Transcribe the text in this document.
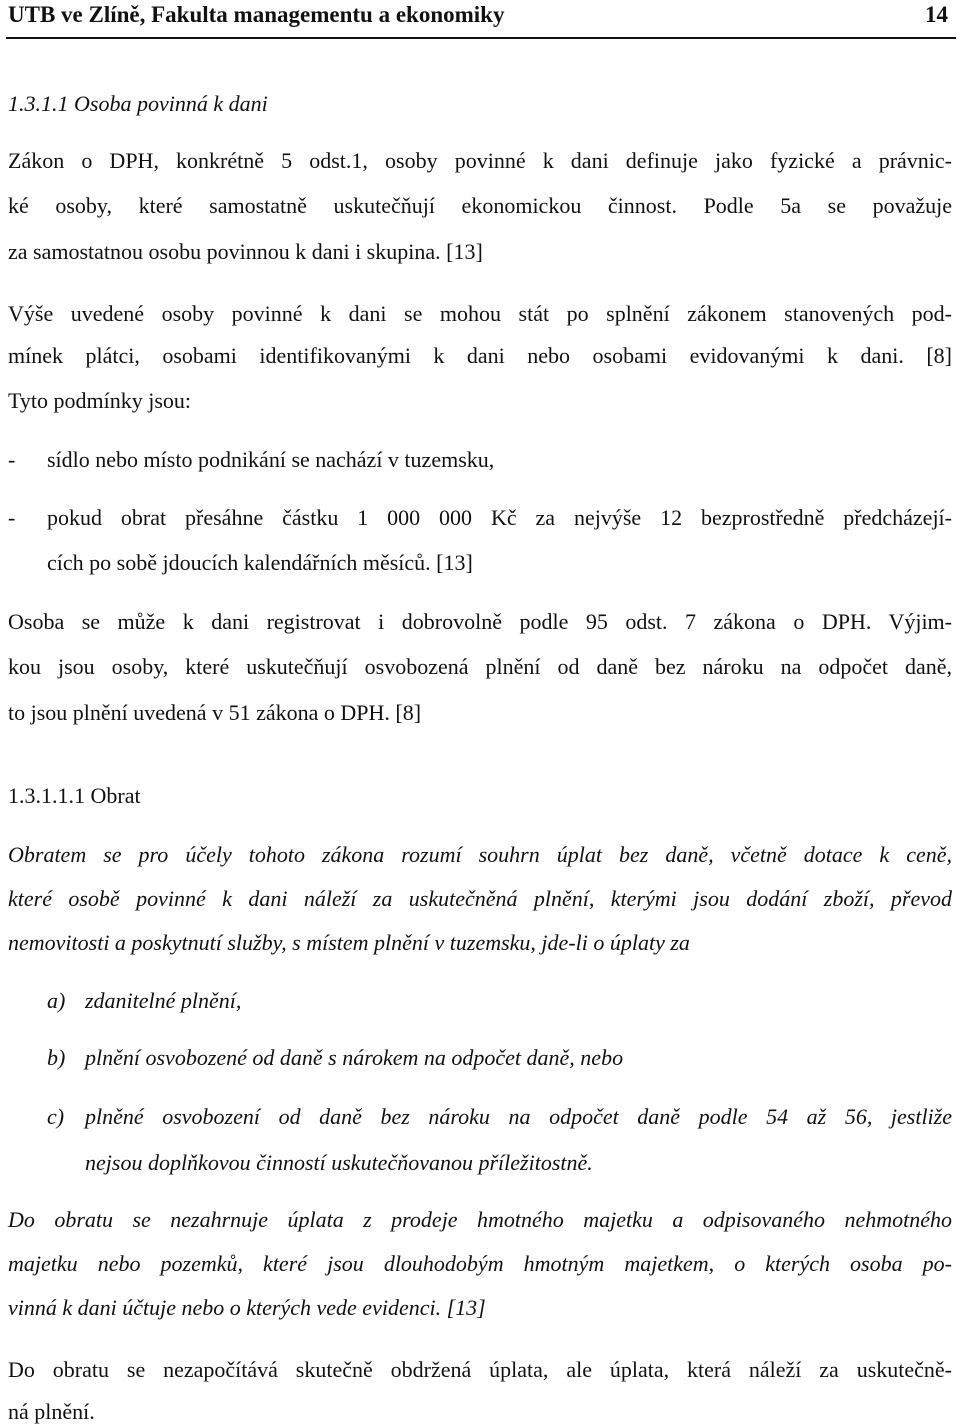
UTB ve Zlíně, Fakulta managementu a ekonomiky	14
1.3.1.1 Osoba povinná k dani
Zákon o DPH, konkrétně 5 odst.1, osoby povinné k dani definuje jako fyzické a právnic-
ké osoby, které samostatně uskutečňují ekonomickou činnost. Podle 5a se považuje
za samostatnou osobu povinnou k dani i skupina. [13]
Výše uvedené osoby povinné k dani se mohou stát po splnění zákonem stanovených pod-
mínek plátci, osobami identifikovanými k dani nebo osobami evidovanými k dani. [8]
Tyto podmínky jsou:
- sídlo nebo místo podnikání se nachází v tuzemsku,
- pokud obrat přesáhne částku 1 000 000 Kč za nejvýše 12 bezprostředně předcházejí-
cích po sobě jdoucích kalendářních měsíců. [13]
Osoba se může k dani registrovat i dobrovolně podle 95 odst. 7 zákona o DPH. Výjim-
kou jsou osoby, které uskutečňují osvobozená plnění od daně bez nároku na odpočet daně,
to jsou plnění uvedená v 51 zákona o DPH. [8]
1.3.1.1.1 Obrat
Obratem se pro účely tohoto zákona rozumí souhrn úplat bez daně, včetně dotace k ceně,
které osobě povinné k dani náleží za uskutečněná plnění, kterými jsou dodání zboží, převod
nemovitosti a poskytnutí služby, s místem plnění v tuzemsku, jde-li o úplaty za
a) zdanitelné plnění,
b) plnění osvobozené od daně s nárokem na odpočet daně, nebo
c) plněné osvobození od daně bez nároku na odpočet daně podle 54 až 56, jestliže
nejsou doplňkovou činností uskutečňovanou příležitostně.
Do obratu se nezahrnuje úplata z prodeje hmotného majetku a odpisovaného nehmotného
majetku nebo pozemků, které jsou dlouhodobým hmotným majetkem, o kterých osoba po-
vinná k dani účtuje nebo o kterých vede evidenci. [13]
Do obratu se nezapočítává skutečně obdržená úplata, ale úplata, která náleží za uskutečně-
ná plnění.
